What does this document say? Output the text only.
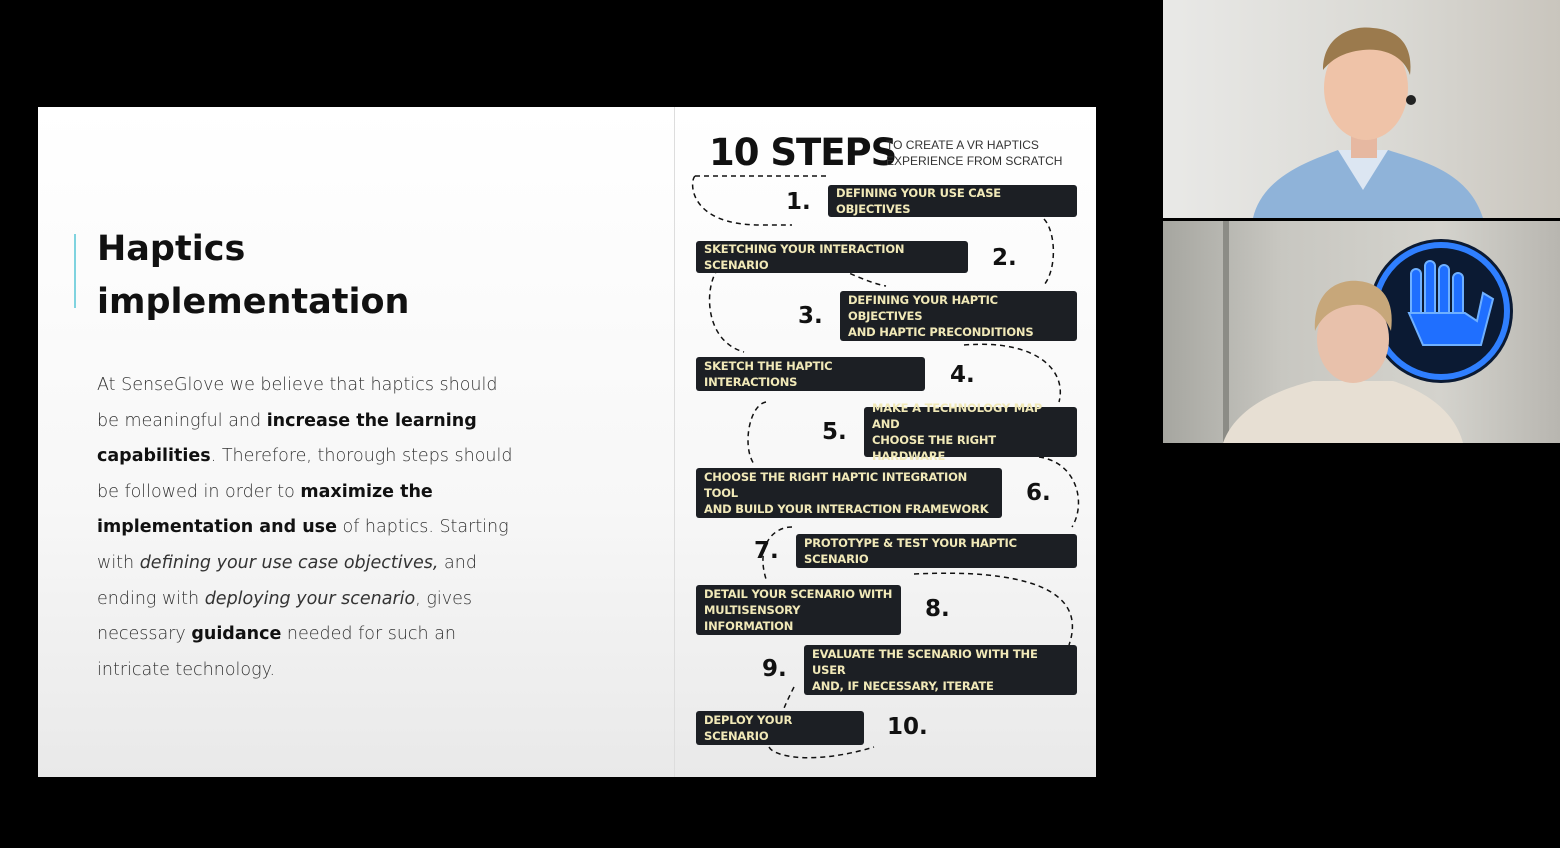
Haptics
implementation

At SenseGlove we believe that haptics should be meaningful and increase the learning capabilities. Therefore, thorough steps should be followed in order to maximize the implementation and use of haptics. Starting with defining your use case objectives, and ending with deploying your scenario, gives necessary guidance needed for such an intricate technology.

10 STEPS
TO CREATE A VR HAPTICS
EXPERIENCE FROM SCRATCH
1. DEFINING YOUR USE CASE OBJECTIVES
SKETCHING YOUR INTERACTION SCENARIO	2.
3.
DEFINING YOUR HAPTIC OBJECTIVES
AND HAPTIC PRECONDITIONS
SKETCH THE HAPTIC INTERACTIONS	4.
5.
MAKE A TECHNOLOGY MAP AND
CHOOSE THE RIGHT HARDWARE
CHOOSE THE RIGHT HAPTIC INTEGRATION TOOL
AND BUILD YOUR INTERACTION FRAMEWORK
6.
7. PROTOTYPE & TEST YOUR HAPTIC SCENARIO
DETAIL YOUR SCENARIO WITH
MULTISENSORY INFORMATION
8.
9.
EVALUATE THE SCENARIO WITH THE USER
AND, IF NECESSARY, ITERATE
DEPLOY YOUR SCENARIO	10.
